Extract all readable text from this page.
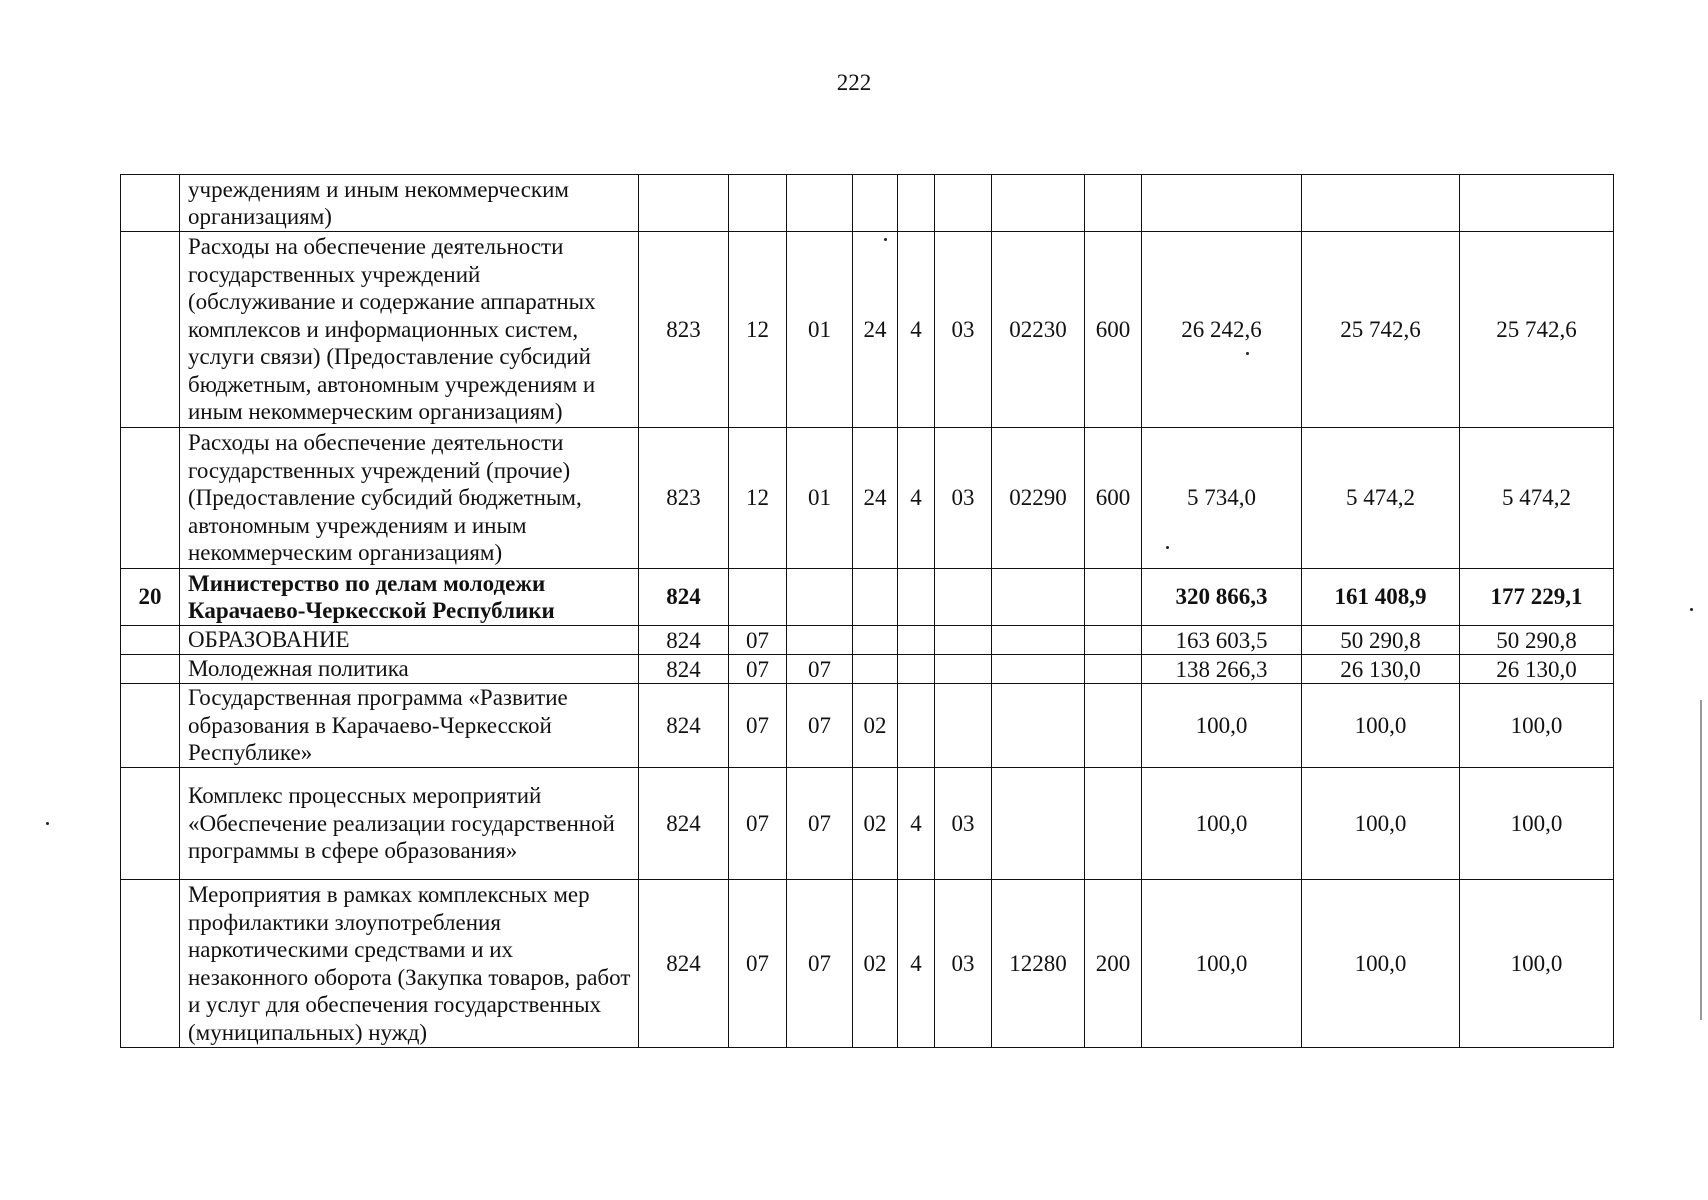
222
	учреждениям и иным некоммерческим организациям)											
	Расходы на обеспечение деятельности государственных учреждений (обслуживание и содержание аппаратных комплексов и информационных систем, услуги связи) (Предоставление субсидий бюджетным, автономным учреждениям и иным некоммерческим организациям)	823	12	01	24	4	03	02230	600	26 242,6	25 742,6	25 742,6
	Расходы на обеспечение деятельности государственных учреждений (прочие) (Предоставление субсидий бюджетным, автономным учреждениям и иным некоммерческим организациям)	823	12	01	24	4	03	02290	600	5 734,0	5 474,2	5 474,2
20	Министерство по делам молодежи Карачаево-Черкесской Республики	824								320 866,3	161 408,9	177 229,1
	ОБРАЗОВАНИЕ	824	07							163 603,5	50 290,8	50 290,8
	Молодежная политика	824	07	07						138 266,3	26 130,0	26 130,0
	Государственная программа «Развитие образования в Карачаево-Черкесской Республике»	824	07	07	02					100,0	100,0	100,0
	Комплекс процессных мероприятий «Обеспечение реализации государственной программы в сфере образования»	824	07	07	02	4	03			100,0	100,0	100,0
	Мероприятия в рамках комплексных мер профилактики злоупотребления наркотическими средствами и их незаконного оборота (Закупка товаров, работ и услуг для обеспечения государственных (муниципальных) нужд)	824	07	07	02	4	03	12280	200	100,0	100,0	100,0
